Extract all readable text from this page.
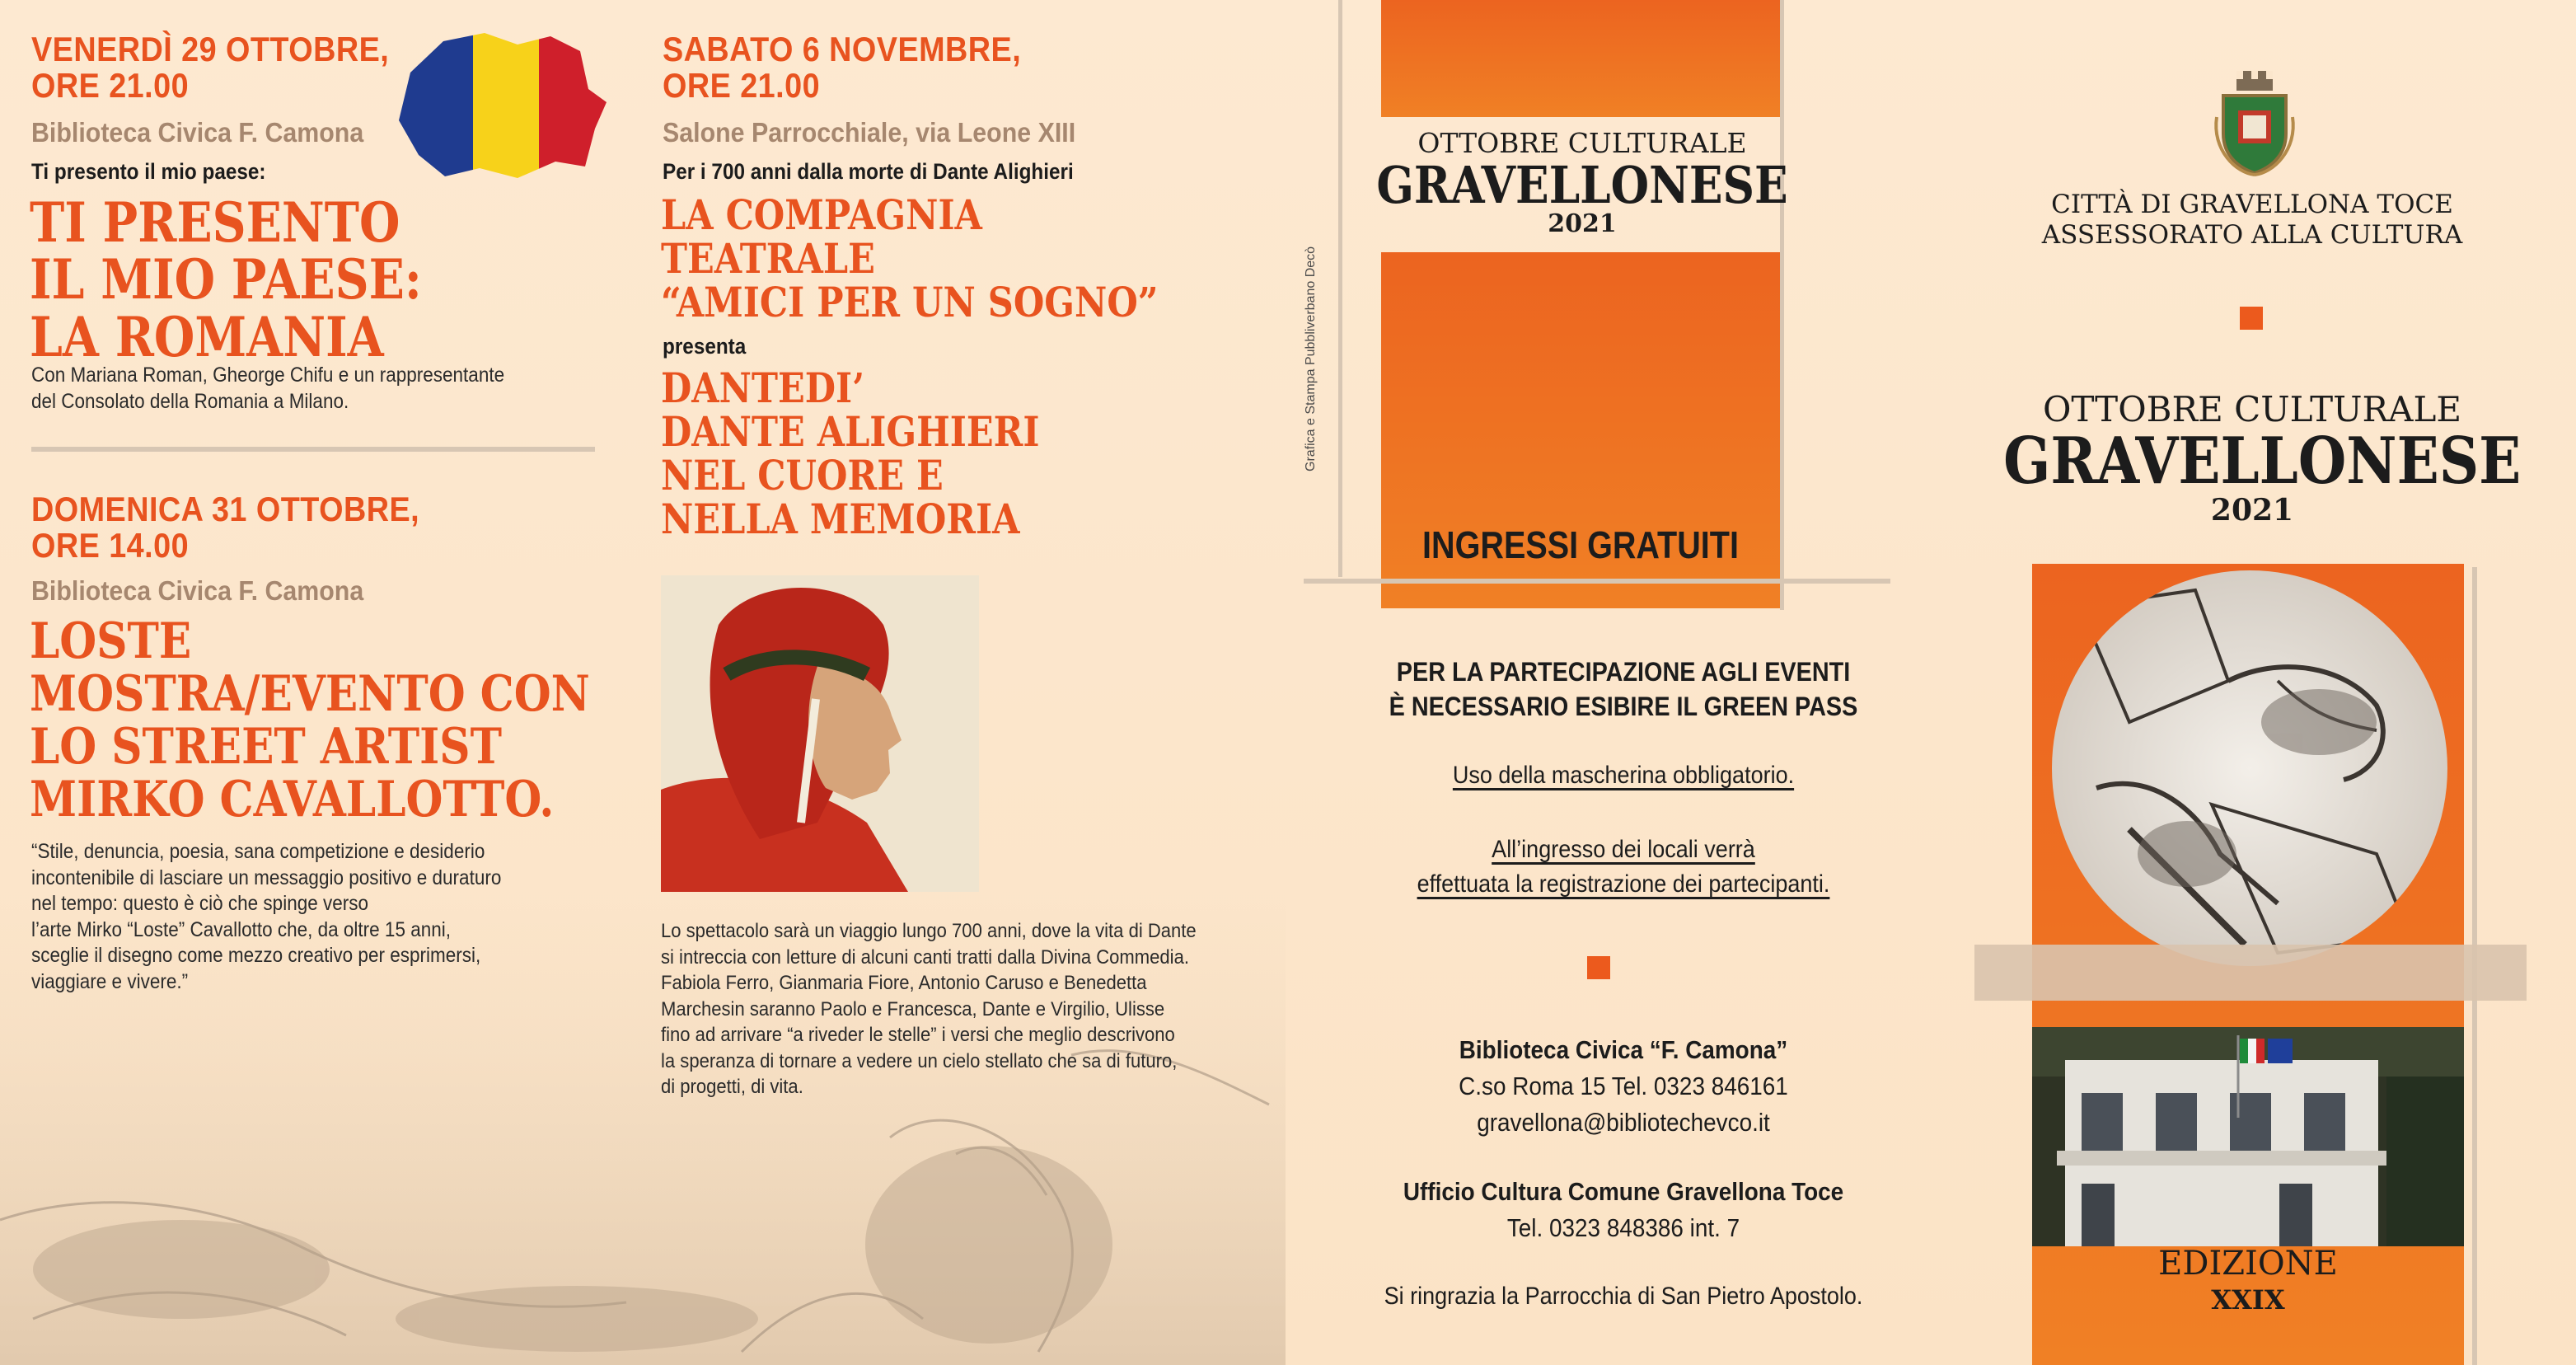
VENERDÌ 29 OTTOBRE,
ORE 21.00
Biblioteca Civica F. Camona
Ti presento il mio paese:
TI PRESENTO
IL MIO PAESE:
LA ROMANIA
Con Mariana Roman, Gheorge Chifu e un rappresentante
del Consolato della Romania a Milano.
DOMENICA 31 OTTOBRE,
ORE 14.00
Biblioteca Civica F. Camona
LOSTE
MOSTRA/EVENTO CON
LO STREET ARTIST
MIRKO CAVALLOTTO.
“Stile, denuncia, poesia, sana competizione e desiderio
incontenibile di lasciare un messaggio positivo e duraturo
nel tempo: questo è ciò che spinge verso
l’arte Mirko “Loste” Cavallotto che, da oltre 15 anni,
sceglie il disegno come mezzo creativo per esprimersi,
viaggiare e vivere.”
SABATO 6 NOVEMBRE,
ORE 21.00
Salone Parrocchiale, via Leone XIII
Per i 700 anni dalla morte di Dante Alighieri
LA COMPAGNIA
TEATRALE
“AMICI PER UN SOGNO”
presenta
DANTEDI’
DANTE ALIGHIERI
NEL CUORE E
NELLA MEMORIA
Lo spettacolo sarà un viaggio lungo 700 anni, dove la vita di Dante
si intreccia con letture di alcuni canti tratti dalla Divina Commedia.
Fabiola Ferro, Gianmaria Fiore, Antonio Caruso e Benedetta
Marchesin saranno Paolo e Francesca, Dante e Virgilio, Ulisse
fino ad arrivare “a riveder le stelle” i versi che meglio descrivono
la speranza di tornare a vedere un cielo stellato che sa di futuro,
di progetti, di vita.
OTTOBRE CULTURALE
GRAVELLONESE
2021
INGRESSI GRATUITI
Grafica e Stampa Pubbliverbano Decò
PER LA PARTECIPAZIONE AGLI EVENTI
È NECESSARIO ESIBIRE IL GREEN PASS
Uso della mascherina obbligatorio.
All’ingresso dei locali verrà
effettuata la registrazione dei partecipanti.
Biblioteca Civica “F. Camona”
C.so Roma 15 Tel. 0323 846161
gravellona@bibliotechevco.it
Ufficio Cultura Comune Gravellona Toce
Tel. 0323 848386 int. 7
Si ringrazia la Parrocchia di San Pietro Apostolo.
CITTÀ DI GRAVELLONA TOCE
ASSESSORATO ALLA CULTURA
OTTOBRE CULTURALE
GRAVELLONESE
2021
EDIZIONE
XXIX
